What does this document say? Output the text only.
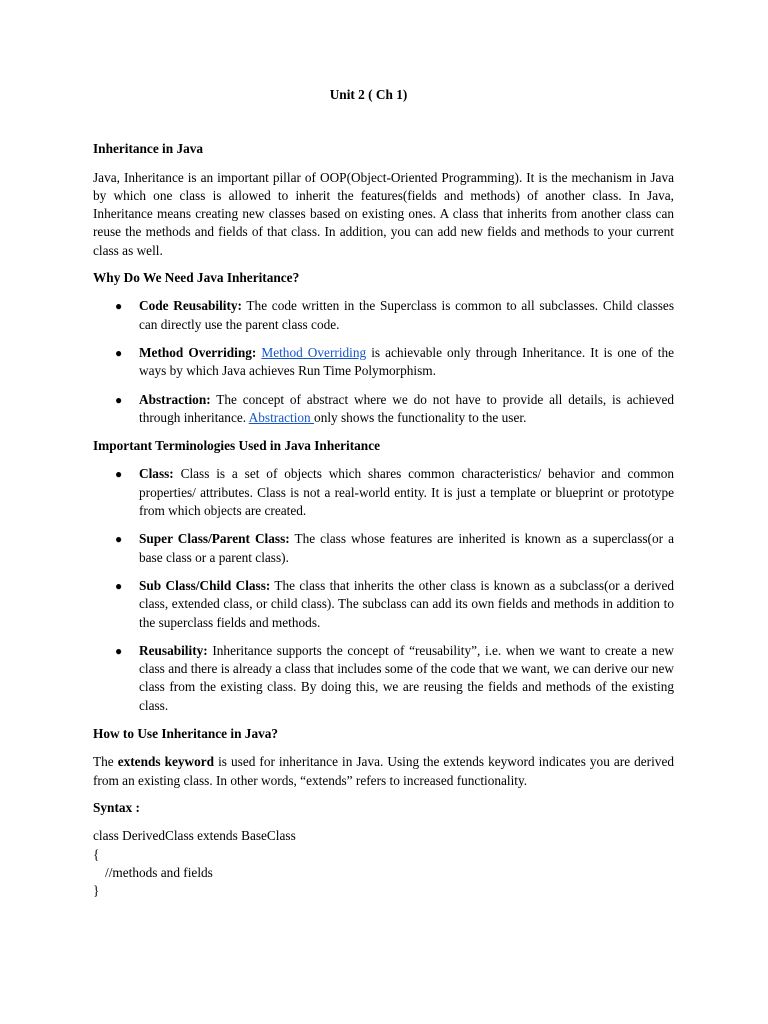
Unit 2 ( Ch 1)
Inheritance in Java

Java, Inheritance is an important pillar of OOP(Object-Oriented Programming). It is the mechanism in Java by which one class is allowed to inherit the features(fields and methods) of another class. In Java, Inheritance means creating new classes based on existing ones. A class that inherits from another class can reuse the methods and fields of that class. In addition, you can add new fields and methods to your current class as well.

Why Do We Need Java Inheritance?
● Code Reusability: The code written in the Superclass is common to all subclasses. Child classes can directly use the parent class code.
● Method Overriding: Method Overriding is achievable only through Inheritance. It is one of the ways by which Java achieves Run Time Polymorphism.
● Abstraction: The concept of abstract where we do not have to provide all details, is achieved through inheritance. Abstraction only shows the functionality to the user.
Important Terminologies Used in Java Inheritance
● Class: Class is a set of objects which shares common characteristics/ behavior and common properties/ attributes. Class is not a real-world entity. It is just a template or blueprint or prototype from which objects are created.
● Super Class/Parent Class: The class whose features are inherited is known as a superclass(or a base class or a parent class).
● Sub Class/Child Class: The class that inherits the other class is known as a subclass(or a derived class, extended class, or child class). The subclass can add its own fields and methods in addition to the superclass fields and methods.
● Reusability: Inheritance supports the concept of “reusability”, i.e. when we want to create a new class and there is already a class that includes some of the code that we want, we can derive our new class from the existing class. By doing this, we are reusing the fields and methods of the existing class.
How to Use Inheritance in Java?

The extends keyword is used for inheritance in Java. Using the extends keyword indicates you are derived from an existing class. In other words, “extends” refers to increased functionality.

Syntax :
class DerivedClass extends BaseClass
{
//methods and fields
}
